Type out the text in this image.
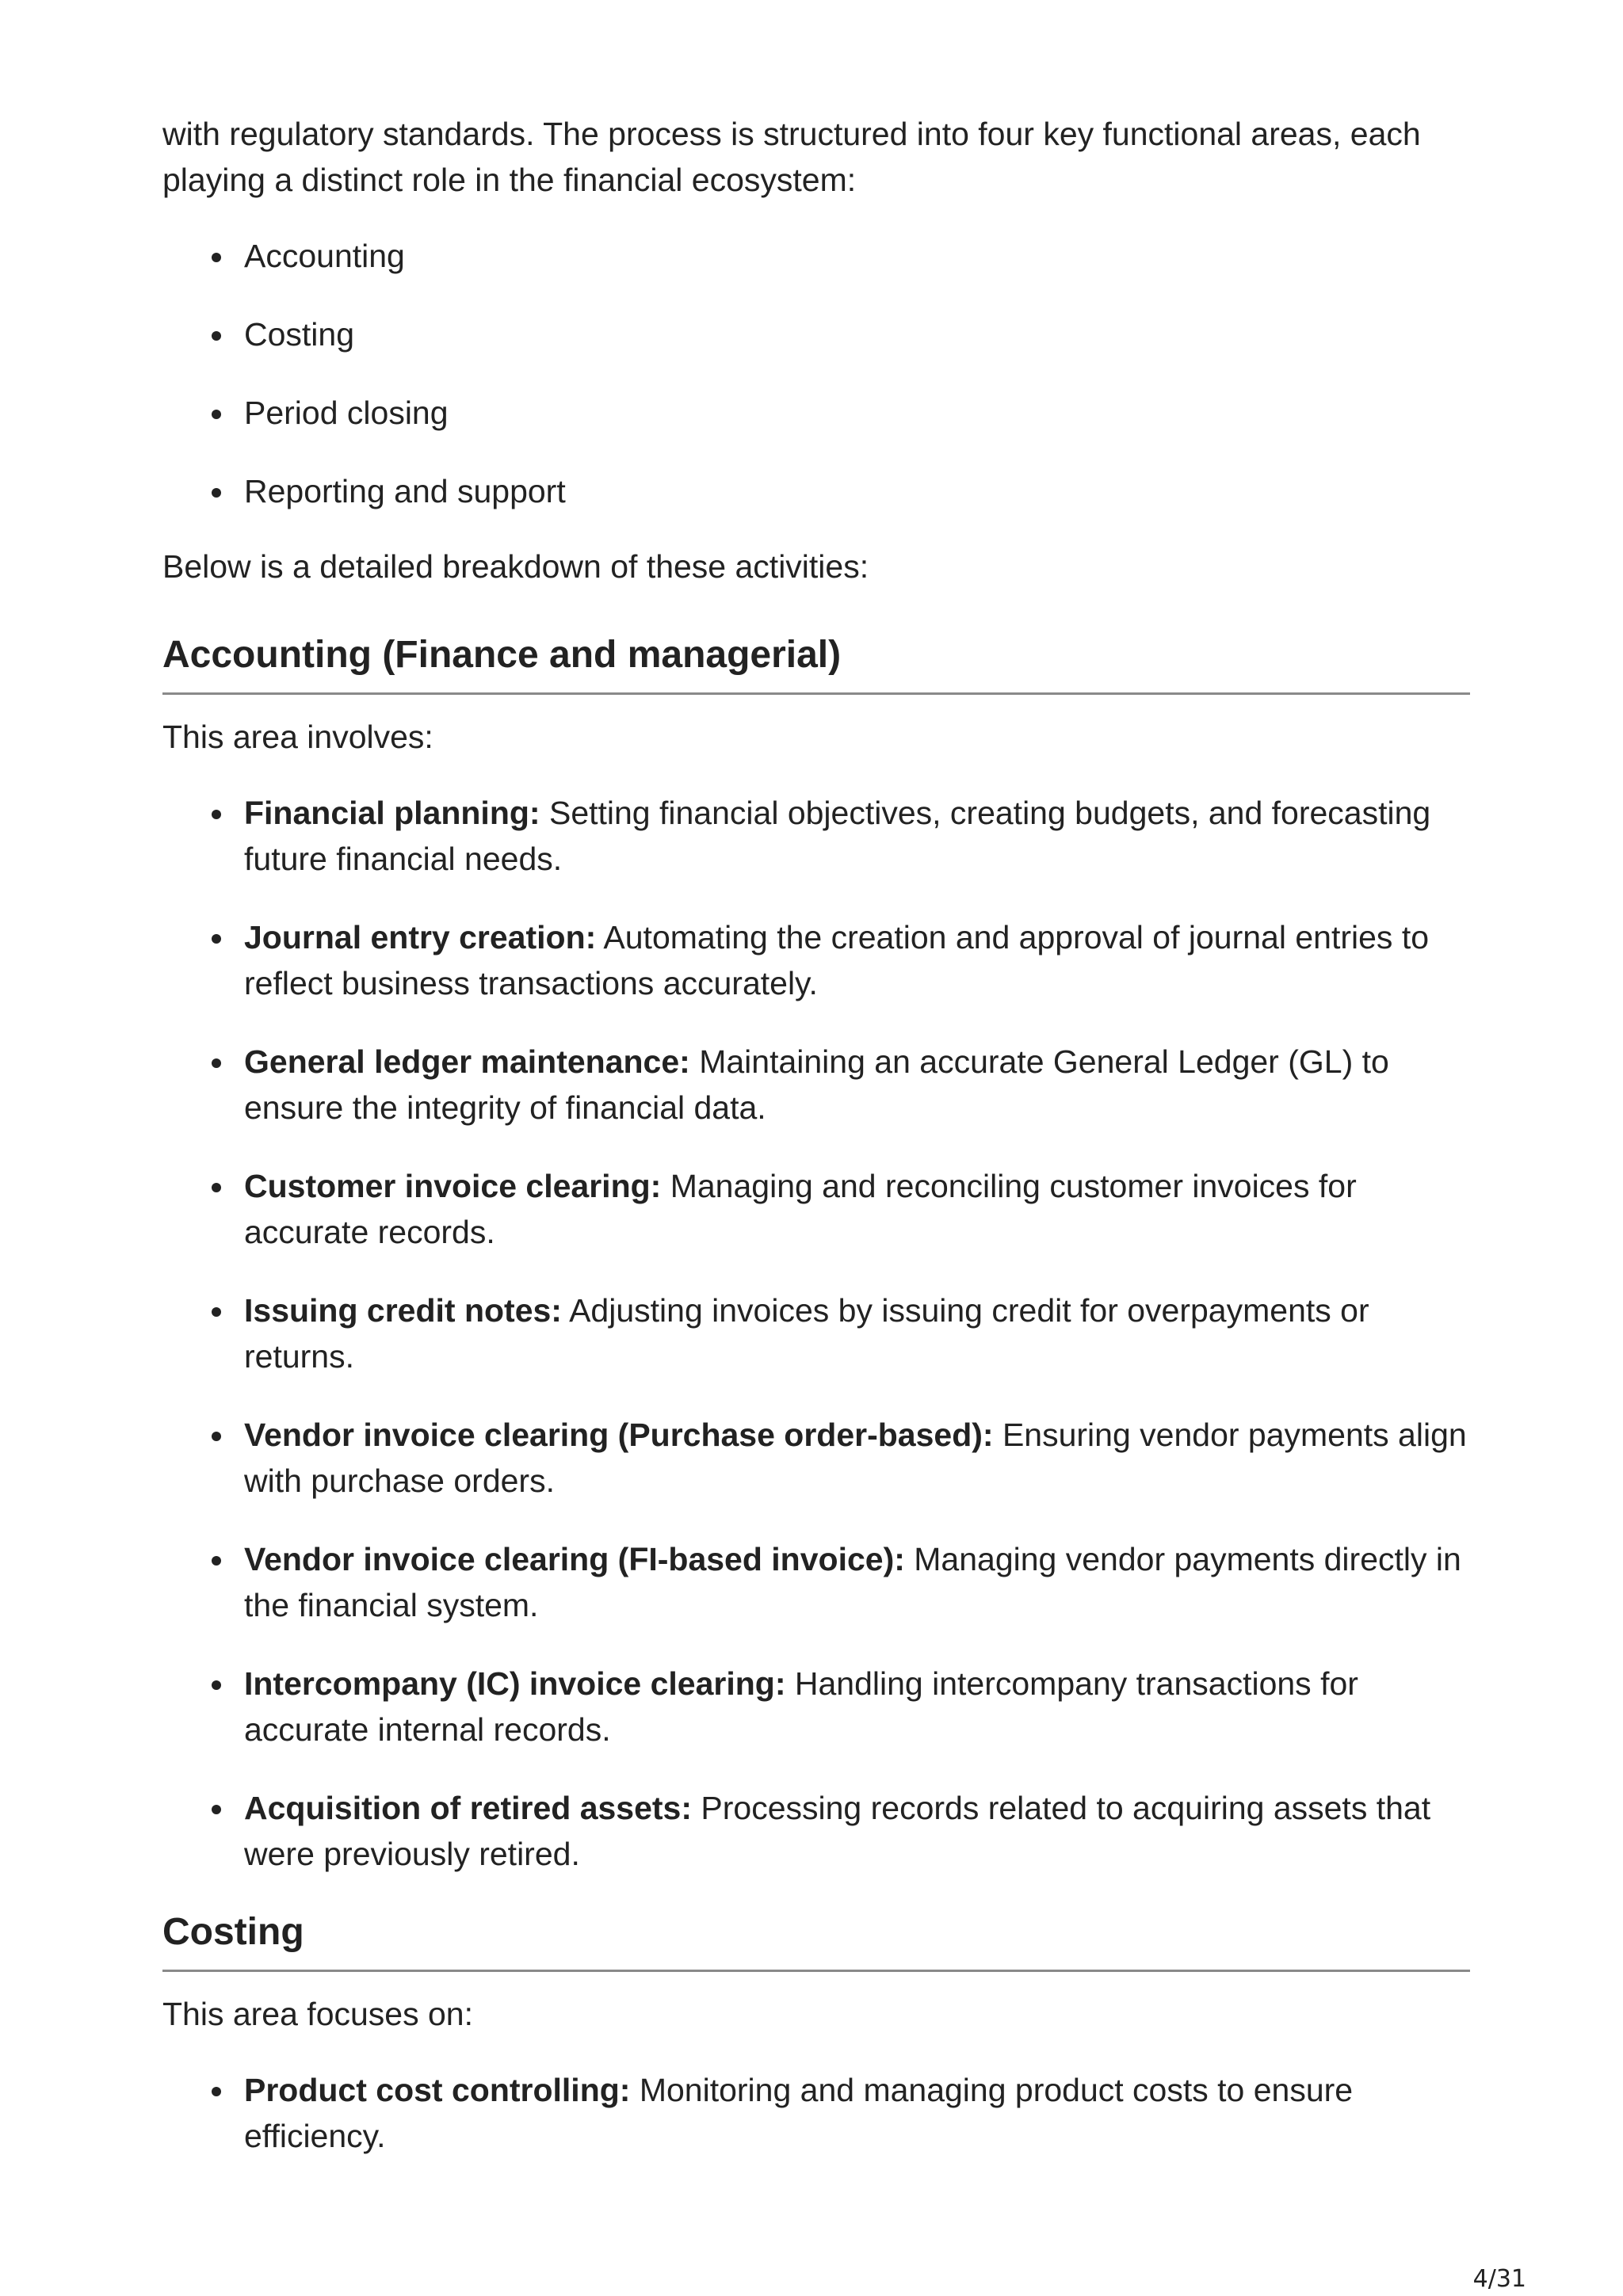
with regulatory standards. The process is structured into four key functional areas, each playing a distinct role in the financial ecosystem:

Accounting
Costing
Period closing
Reporting and support

Below is a detailed breakdown of these activities:

Accounting (Finance and managerial)

This area involves:

Financial planning: Setting financial objectives, creating budgets, and forecasting future financial needs.
Journal entry creation: Automating the creation and approval of journal entries to reflect business transactions accurately.
General ledger maintenance: Maintaining an accurate General Ledger (GL) to ensure the integrity of financial data.
Customer invoice clearing: Managing and reconciling customer invoices for accurate records.
Issuing credit notes: Adjusting invoices by issuing credit for overpayments or returns.
Vendor invoice clearing (Purchase order-based): Ensuring vendor payments align with purchase orders.
Vendor invoice clearing (FI-based invoice): Managing vendor payments directly in the financial system.
Intercompany (IC) invoice clearing: Handling intercompany transactions for accurate internal records.
Acquisition of retired assets: Processing records related to acquiring assets that were previously retired.
Costing

This area focuses on:

Product cost controlling: Monitoring and managing product costs to ensure efficiency.
4/31
